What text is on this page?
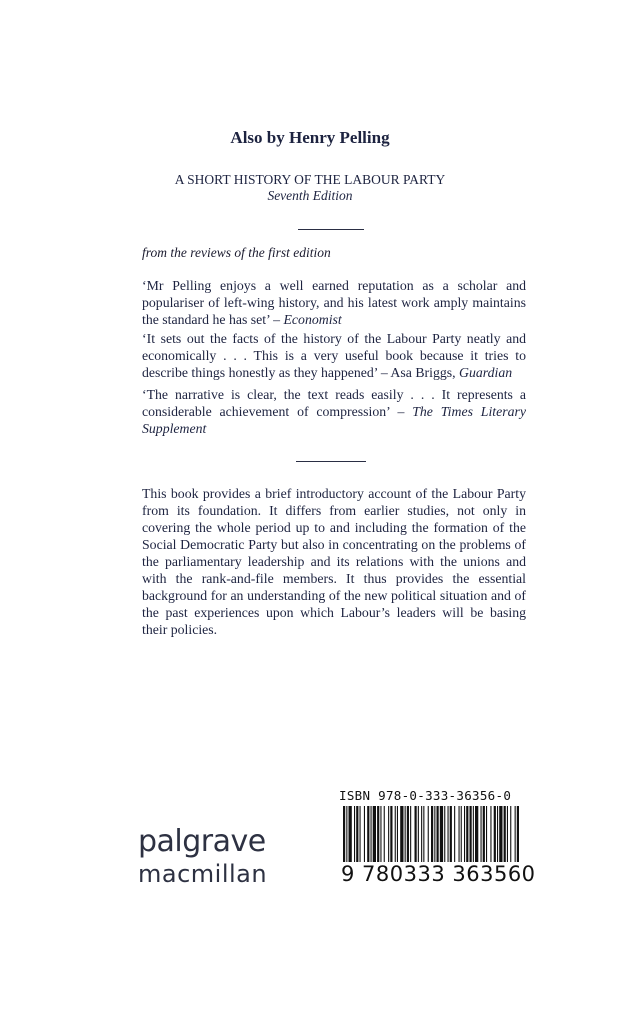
Also by Henry Pelling
A SHORT HISTORY OF THE LABOUR PARTY
Seventh Edition
from the reviews of the first edition
‘Mr Pelling enjoys a well earned reputation as a scholar and populariser of left-wing history, and his latest work amply maintains the standard he has set’ – Economist
‘It sets out the facts of the history of the Labour Party neatly and economically . . . This is a very useful book because it tries to describe things honestly as they happened’ – Asa Briggs, Guardian
‘The narrative is clear, the text reads easily . . . It represents a considerable achievement of compression’ – The Times Literary Supplement
This book provides a brief introductory account of the Labour Party from its foundation. It differs from earlier studies, not only in covering the whole period up to and including the formation of the Social Democratic Party but also in concentrating on the problems of the parliamentary leadership and its relations with the unions and with the rank-and-file members. It thus provides the essential background for an understanding of the new political situation and of the past experiences upon which Labour’s leaders will be basing their policies.
palgrave
macmillan
ISBN 978-0-333-36356-0
9 780333 363560
